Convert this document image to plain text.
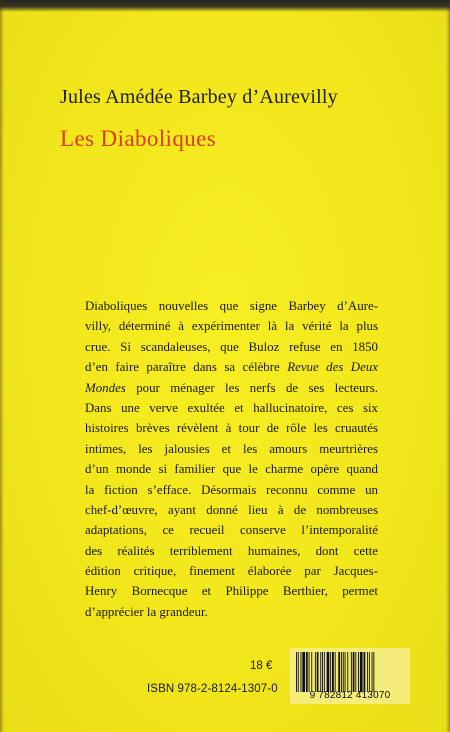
Jules Amédée Barbey d’Aurevilly
Les Diaboliques
Diaboliques nouvelles que signe Barbey d’Aure-
villy, déterminé à expérimenter là la vérité la plus
crue. Si scandaleuses, que Buloz refuse en 1850
d’en faire paraître dans sa célèbre Revue des Deux
Mondes pour ménager les nerfs de ses lecteurs.
Dans une verve exultée et hallucinatoire, ces six
histoires brèves révèlent à tour de rôle les cruautés
intimes, les jalousies et les amours meurtrières
d’un monde si familier que le charme opère quand
la fiction s’efface. Désormais reconnu comme un
chef-d’œuvre, ayant donné lieu à de nombreuses
adaptations, ce recueil conserve l’intemporalité
des réalités terriblement humaines, dont cette
édition critique, finement élaborée par Jacques-
Henry Bornecque et Philippe Berthier, permet
d’apprécier la grandeur.
18 €
ISBN 978-2-8124-1307-0
9 782812 413070
